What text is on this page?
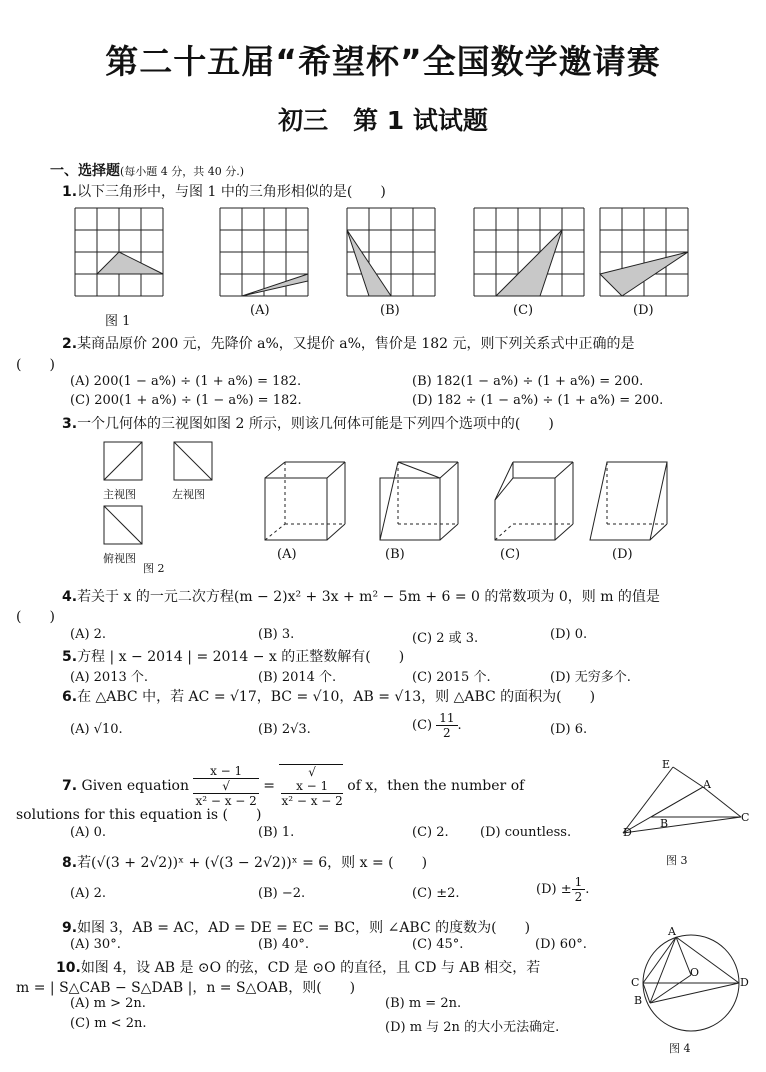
第二十五届“希望杯”全国数学邀请赛
初三　第 1 试试题
一、选择题(每小题 4 分，共 40 分.)
1.以下三角形中，与图 1 中的三角形相似的是(　　)
图 1
(A)	(B)	(C)	(D)
2.某商品原价 200 元，先降价 a%，又提价 a%，售价是 182 元，则下列关系式中正确的是
(　　)
(A) 200(1 − a%) ÷ (1 + a%) = 182.	(B) 182(1 − a%) ÷ (1 + a%) = 200.
(C) 200(1 + a%) ÷ (1 − a%) = 182.	(D) 182 ÷ (1 − a%) ÷ (1 + a%) = 200.
3.一个几何体的三视图如图 2 所示，则该几何体可能是下列四个选项中的(　　)
主视图	左视图
俯视图
图 2
(A)	(B)	(C)	(D)
4.若关于 x 的一元二次方程(m − 2)x² + 3x + m² − 5m + 6 = 0 的常数项为 0，则 m 的值是
(　　)
(A) 2.	(B) 3.	(C) 2 或 3.	(D) 0.
5.方程 | x − 2014 | = 2014 − x 的正整数解有(　　)
(A) 2013 个.	(B) 2014 个.	(C) 2015 个.	(D) 无穷多个.
6.在 △ABC 中，若 AC = √17，BC = √10，AB = √13，则 △ABC 的面积为(　　)
(A) √10.	(B) 2√3.	$(C) \frac{11}{2}$ .	(D) 6.
7. Given equation x − 1
√
x² − x − 2 = √
x − 1
x² − x − 2
of x，then the number of
solutions for this equation is (　　)
(A) 0.	(B) 1.	(C) 2. (D) countless.
E
A
B	C
D
图 3
8.若(√(3 + 2√2))ˣ + (√(3 − 2√2))ˣ = 6，则 x = (　　)
(A) 2.	(B) −2.	(C) ±2.	$(D) \pm \frac{1}{2}$ .
9.如图 3，AB = AC，AD = DE = EC = BC，则 ∠ABC 的度数为(　　)
(A) 30°.	(B) 40°.	(C) 45°.	(D) 60°.
10.如图 4，设 AB 是 ⊙O 的弦，CD 是 ⊙O 的直径，且 CD 与 AB 相交，若
m = | S△CAB − S△DAB |，n = S△OAB，则(　　)
(A) m > 2n.	(B) m = 2n.
(C) m < 2n.	(D) m 与 2n 的大小无法确定.
A
C
O
D
B
图 4
